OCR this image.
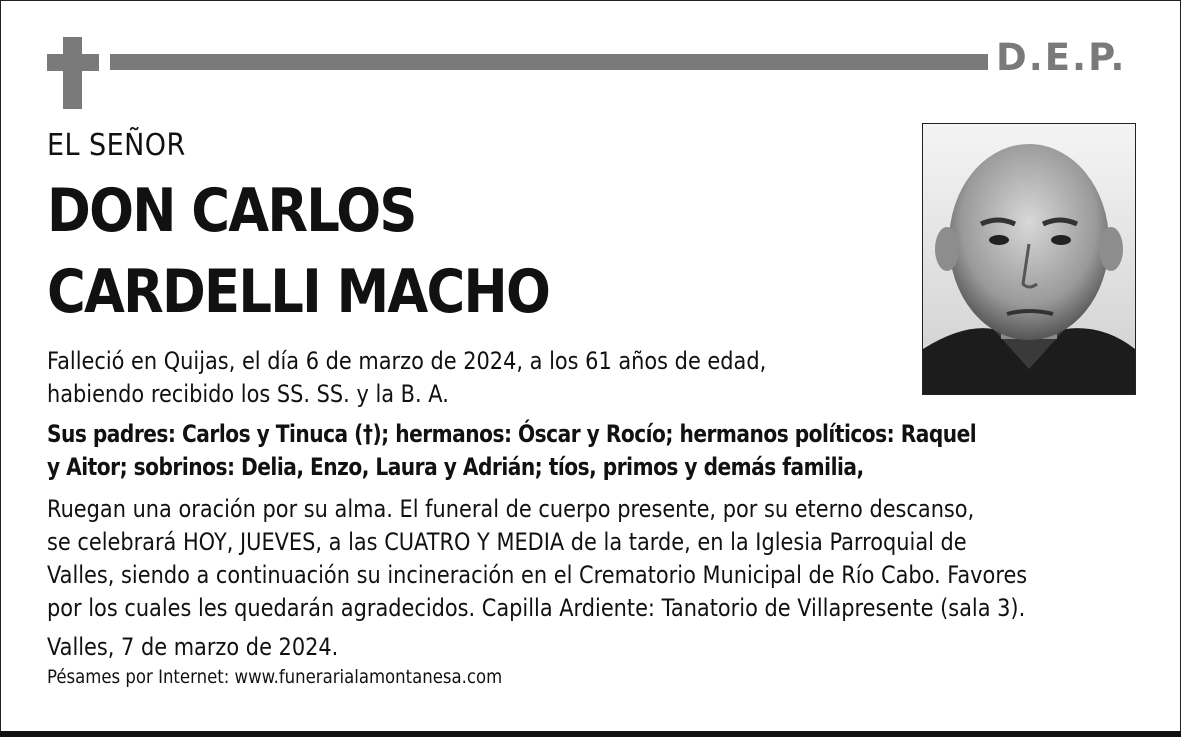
D.E.P.
EL SEÑOR
DON CARLOS
CARDELLI MACHO
Falleció en Quijas, el día 6 de marzo de 2024, a los 61 años de edad,
habiendo recibido los SS. SS. y la B. A.
Sus padres: Carlos y Tinuca (†); hermanos: Óscar y Rocío; hermanos políticos: Raquel
y Aitor; sobrinos: Delia, Enzo, Laura y Adrián; tíos, primos y demás familia,
Ruegan una oración por su alma. El funeral de cuerpo presente, por su eterno descanso,
se celebrará HOY, JUEVES, a las CUATRO Y MEDIA de la tarde, en la Iglesia Parroquial de
Valles, siendo a continuación su incineración en el Crematorio Municipal de Río Cabo. Favores
por los cuales les quedarán agradecidos. Capilla Ardiente: Tanatorio de Villapresente (sala 3).
Valles, 7 de marzo de 2024.
Pésames por Internet: www.funerarialamontanesa.com
